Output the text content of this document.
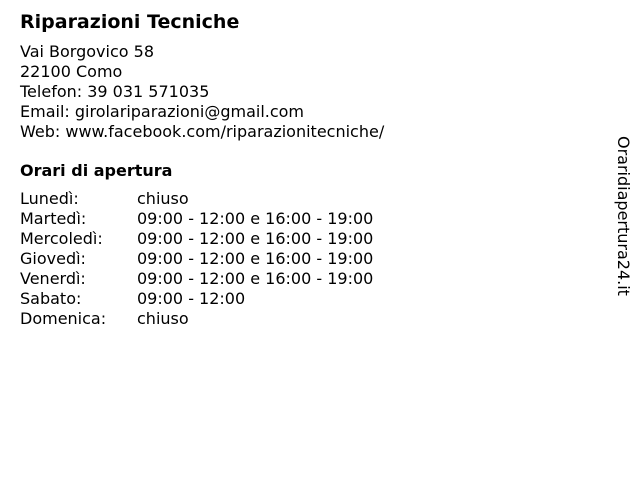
Riparazioni Tecniche
Vai Borgovico 58
22100 Como
Telefon: 39 031 571035
Email: girolariparazioni@gmail.com
Web: www.facebook.com/riparazionitecniche/
Orari di apertura
Lunedì:	chiuso
Martedì:	09:00 - 12:00 e 16:00 - 19:00
Mercoledì:	09:00 - 12:00 e 16:00 - 19:00
Giovedì:	09:00 - 12:00 e 16:00 - 19:00
Venerdì:	09:00 - 12:00 e 16:00 - 19:00
Sabato:	09:00 - 12:00
Domenica:	chiuso
Oraridiapertura24.it
